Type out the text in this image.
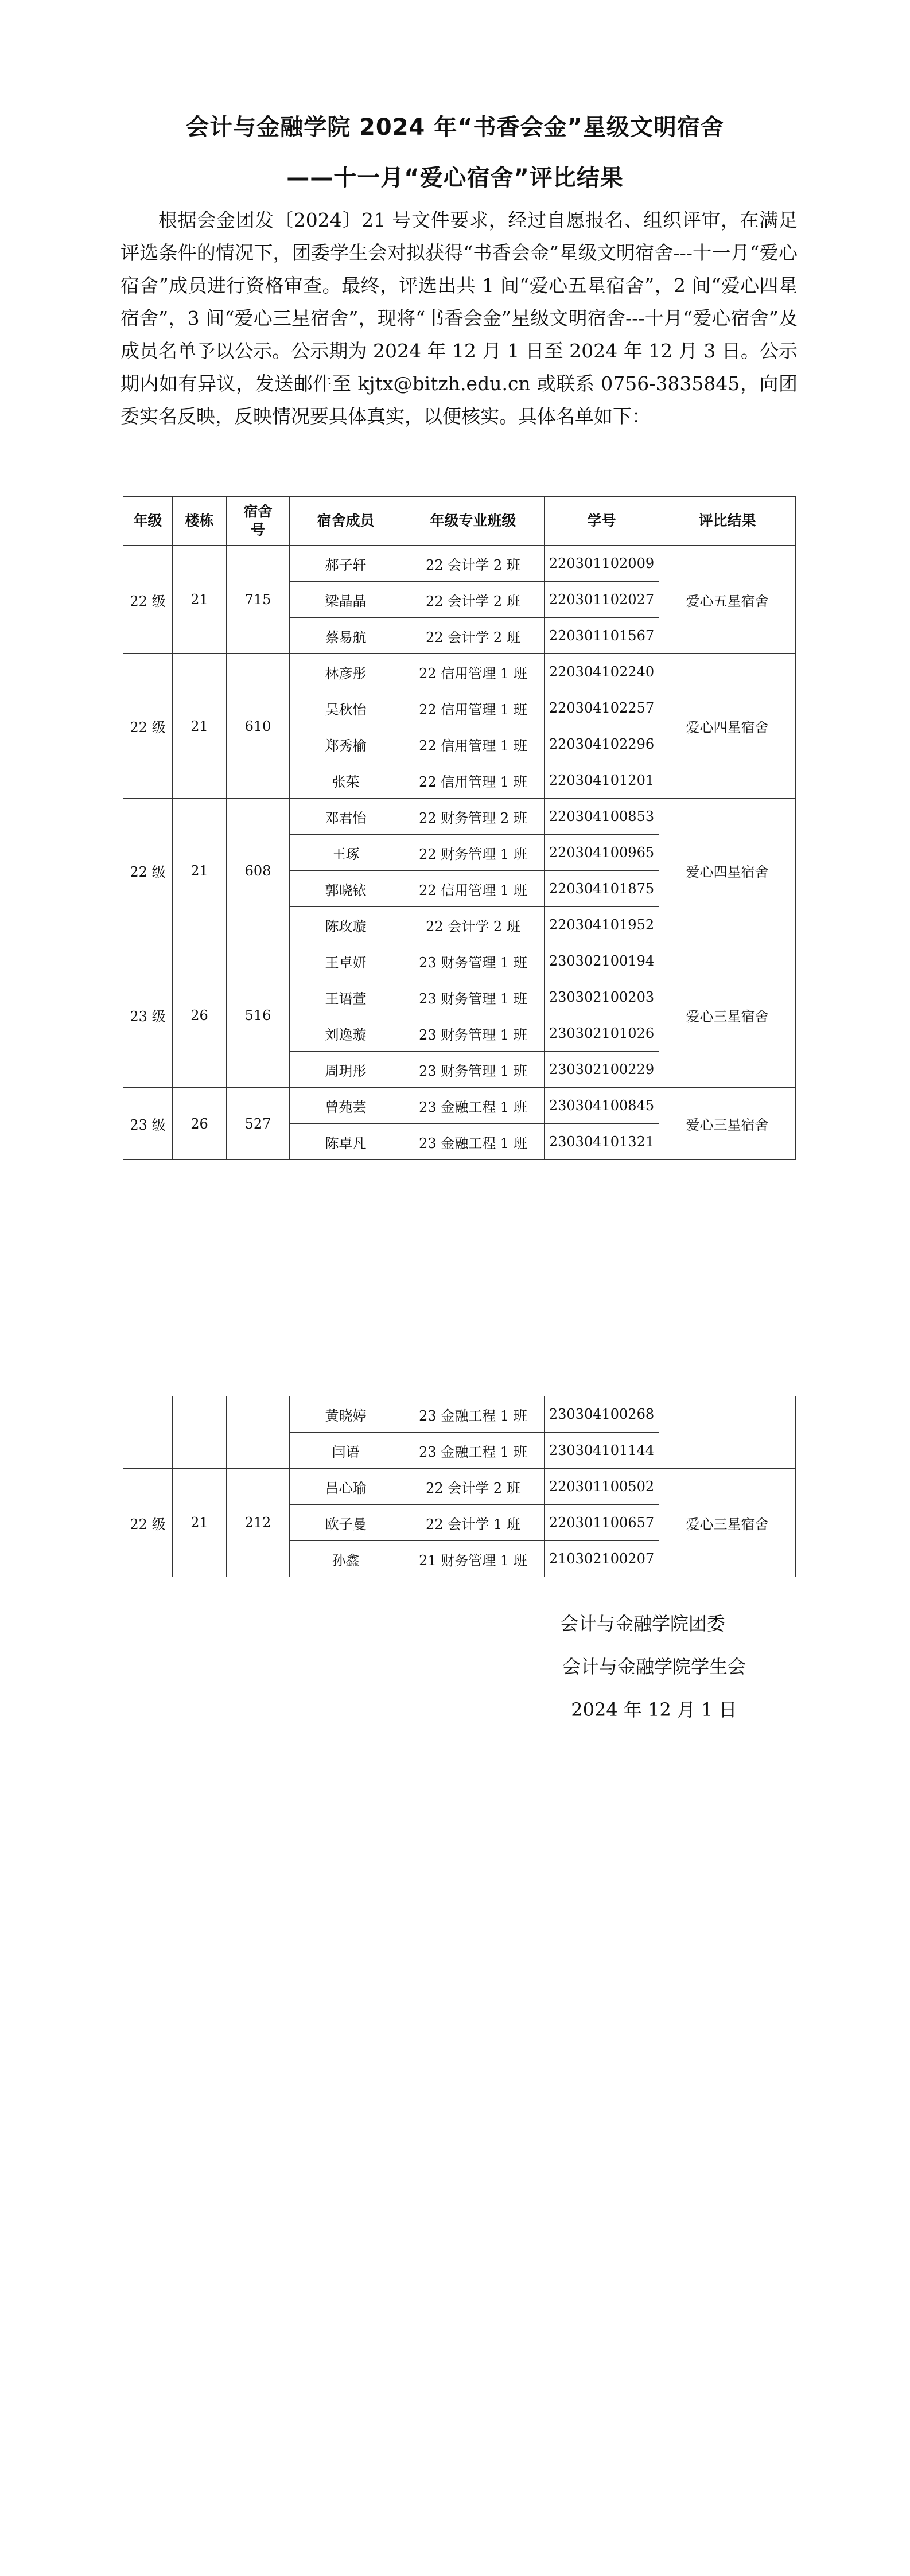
会计与金融学院 2024 年“书香会金”星级文明宿舍
——十一月“爱心宿舍”评比结果

根据会金团发〔2024〕21 号文件要求，经过自愿报名、组织评审，在满足评选条件的情况下，团委学生会对拟获得“书香会金”星级文明宿舍---十一月“爱心宿舍”成员进行资格审查。最终，评选出共 1 间“爱心五星宿舍”，2 间“爱心四星宿舍”，3 间“爱心三星宿舍”，现将“书香会金”星级文明宿舍---十月“爱心宿舍”及成员名单予以公示。公示期为 2024 年 12 月 1 日至 2024 年 12 月 3 日。公示期内如有异议，发送邮件至 kjtx@bitzh.edu.cn 或联系 0756-3835845，向团委实名反映，反映情况要具体真实，以便核实。具体名单如下：

年级	楼栋	宿舍号	宿舍成员	年级专业班级	学号	评比结果
22 级	21	715	郝子轩	22 会计学 2 班	220301102009	爱心五星宿舍
			梁晶晶	22 会计学 2 班	220301102027	
			蔡易航	22 会计学 2 班	220301101567	
22 级	21	610	林彦彤	22 信用管理 1 班	220304102240	爱心四星宿舍
			吴秋怡	22 信用管理 1 班	220304102257	
			郑秀榆	22 信用管理 1 班	220304102296	
			张茱	22 信用管理 1 班	220304101201	
22 级	21	608	邓君怡	22 财务管理 2 班	220304100853	爱心四星宿舍
			王琢	22 财务管理 1 班	220304100965	
			郭晓铱	22 信用管理 1 班	220304101875	
			陈玫璇	22 会计学 2 班	220304101952	
23 级	26	516	王卓妍	23 财务管理 1 班	230302100194	爱心三星宿舍
			王语萱	23 财务管理 1 班	230302100203	
			刘逸璇	23 财务管理 1 班	230302101026	
			周玥彤	23 财务管理 1 班	230302100229	
23 级	26	527	曾苑芸	23 金融工程 1 班	230304100845	爱心三星宿舍
			陈卓凡	23 金融工程 1 班	230304101321	
			黄晓婷	23 金融工程 1 班	230304100268	
			闫语	23 金融工程 1 班	230304101144	
22 级	21	212	吕心瑜	22 会计学 2 班	220301100502	爱心三星宿舍
			欧子曼	22 会计学 1 班	220301100657	
			孙鑫	21 财务管理 1 班	210302100207	
会计与金融学院团委
会计与金融学院学生会
2024 年 12 月 1 日
